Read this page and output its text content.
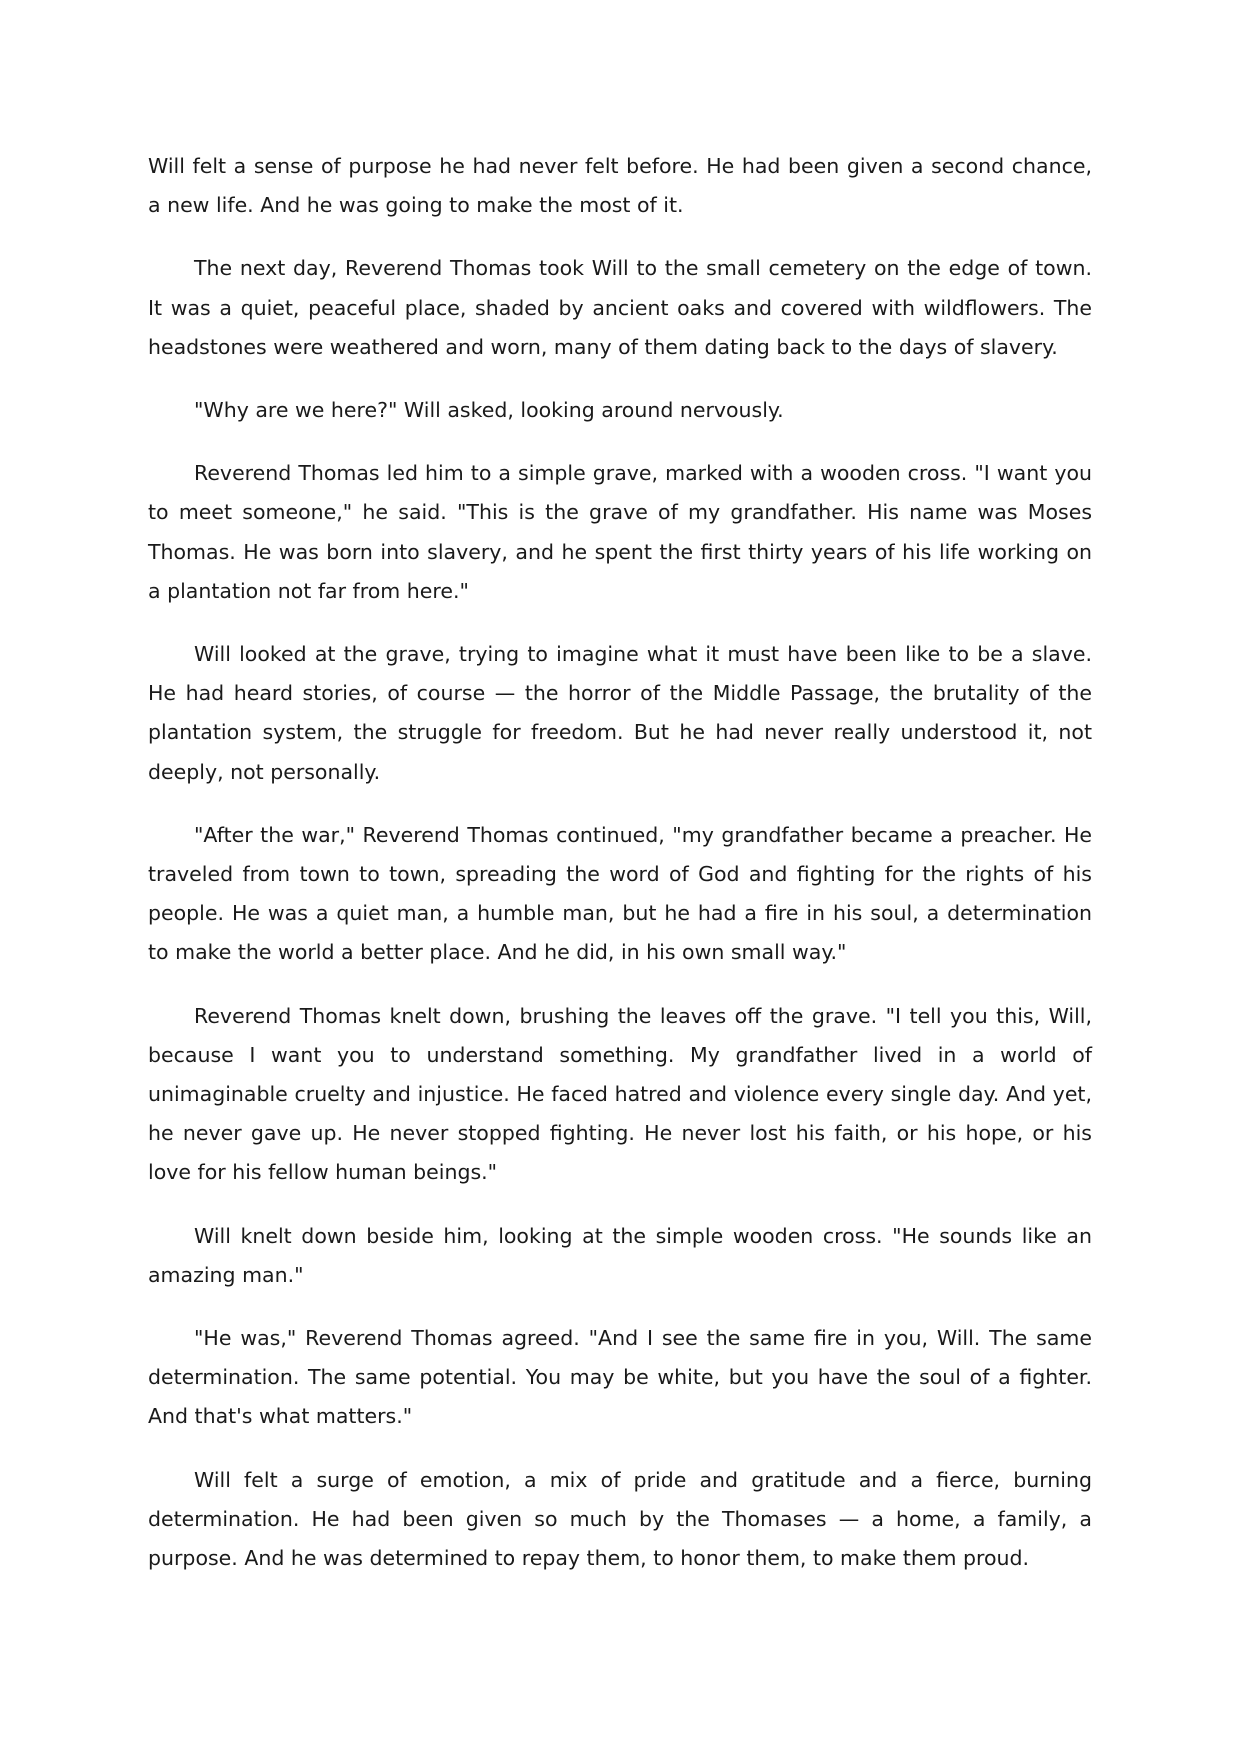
Will felt a sense of purpose he had never felt before. He had been given a second chance, a new life. And he was going to make the most of it.

The next day, Reverend Thomas took Will to the small cemetery on the edge of town. It was a quiet, peaceful place, shaded by ancient oaks and covered with wildflowers. The headstones were weathered and worn, many of them dating back to the days of slavery.

"Why are we here?" Will asked, looking around nervously.

Reverend Thomas led him to a simple grave, marked with a wooden cross. "I want you to meet someone," he said. "This is the grave of my grandfather. His name was Moses Thomas. He was born into slavery, and he spent the first thirty years of his life working on a plantation not far from here."

Will looked at the grave, trying to imagine what it must have been like to be a slave. He had heard stories, of course — the horror of the Middle Passage, the brutality of the plantation system, the struggle for freedom. But he had never really understood it, not deeply, not personally.

"After the war," Reverend Thomas continued, "my grandfather became a preacher. He traveled from town to town, spreading the word of God and fighting for the rights of his people. He was a quiet man, a humble man, but he had a fire in his soul, a determination to make the world a better place. And he did, in his own small way."

Reverend Thomas knelt down, brushing the leaves off the grave. "I tell you this, Will, because I want you to understand something. My grandfather lived in a world of unimaginable cruelty and injustice. He faced hatred and violence every single day. And yet, he never gave up. He never stopped fighting. He never lost his faith, or his hope, or his love for his fellow human beings."

Will knelt down beside him, looking at the simple wooden cross. "He sounds like an amazing man."

"He was," Reverend Thomas agreed. "And I see the same fire in you, Will. The same determination. The same potential. You may be white, but you have the soul of a fighter. And that's what matters."

Will felt a surge of emotion, a mix of pride and gratitude and a fierce, burning determination. He had been given so much by the Thomases — a home, a family, a purpose. And he was determined to repay them, to honor them, to make them proud.
